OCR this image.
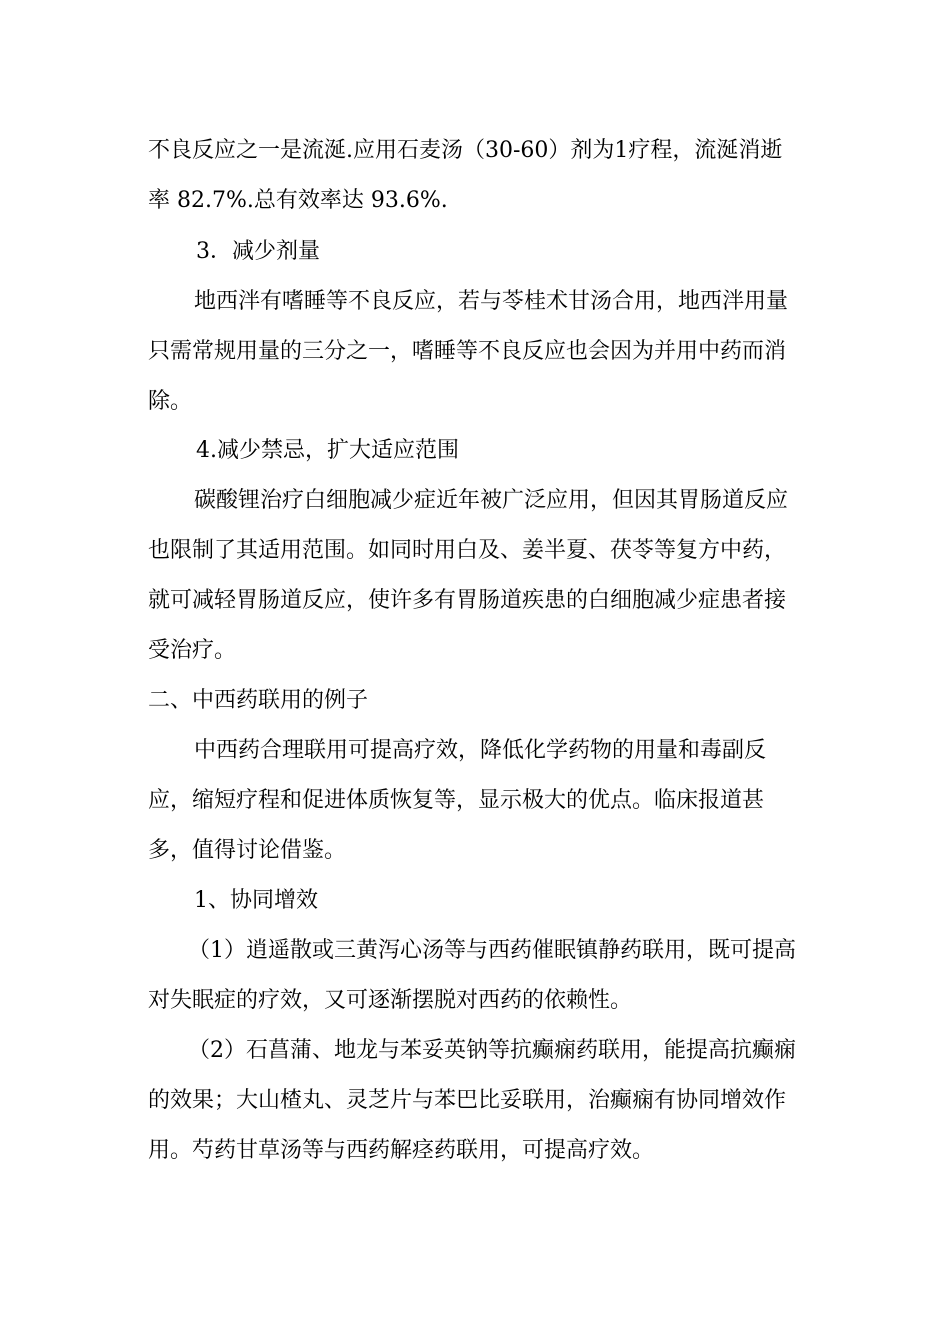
不良反应之一是流涎.应用石麦汤（30-60）剂为1疗程，流涎消逝
率 82.7%.总有效率达 93.6%.
3．减少剂量
地西泮有嗜睡等不良反应，若与苓桂术甘汤合用，地西泮用量
只需常规用量的三分之一，嗜睡等不良反应也会因为并用中药而消
除。
4.减少禁忌，扩大适应范围
碳酸锂治疗白细胞减少症近年被广泛应用，但因其胃肠道反应
也限制了其适用范围。如同时用白及、姜半夏、茯苓等复方中药，
就可减轻胃肠道反应，使许多有胃肠道疾患的白细胞减少症患者接
受治疗。
二、中西药联用的例子
中西药合理联用可提高疗效，降低化学药物的用量和毒副反
应，缩短疗程和促进体质恢复等，显示极大的优点。临床报道甚
多，值得讨论借鉴。
1、协同增效
（1）逍遥散或三黄泻心汤等与西药催眠镇静药联用，既可提高
对失眠症的疗效，又可逐渐摆脱对西药的依赖性。
（2）石菖蒲、地龙与苯妥英钠等抗癫痫药联用，能提高抗癫痫
的效果；大山楂丸、灵芝片与苯巴比妥联用，治癫痫有协同增效作
用。芍药甘草汤等与西药解痉药联用，可提高疗效。
